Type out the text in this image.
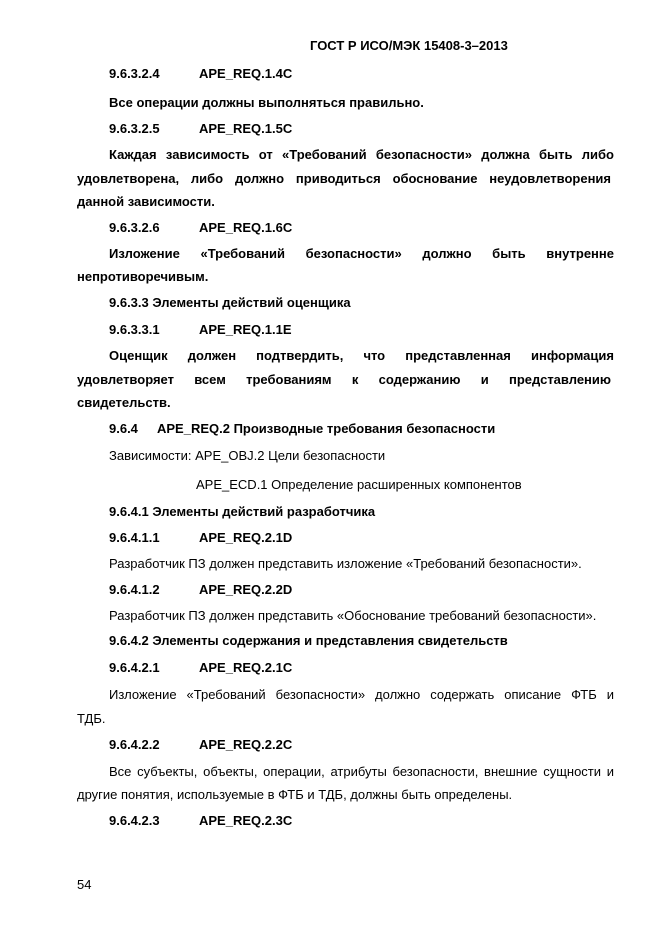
ГОСТ Р ИСО/МЭК 15408-3–2013
9.6.3.2.4	APE_REQ.1.4C
Все операции должны выполняться правильно.
9.6.3.2.5	APE_REQ.1.5C
Каждая зависимость от «Требований безопасности» должна быть либо
удовлетворена, либо должно приводиться обоснование неудовлетворения
данной зависимости.
9.6.3.2.6	APE_REQ.1.6C
Изложение «Требований безопасности» должно быть внутренне
непротиворечивым.
9.6.3.3 Элементы действий оценщика
9.6.3.3.1	APE_REQ.1.1E
Оценщик должен подтвердить, что представленная информация
удовлетворяет всем требованиям к содержанию и представлению
свидетельств.
9.6.4 APE_REQ.2 Производные требования безопасности
Зависимости: APE_OBJ.2 Цели безопасности
APE_ECD.1 Определение расширенных компонентов
9.6.4.1 Элементы действий разработчика
9.6.4.1.1	APE_REQ.2.1D
Разработчик ПЗ должен представить изложение «Требований безопасности».
9.6.4.1.2	APE_REQ.2.2D
Разработчик ПЗ должен представить «Обоснование требований безопасности».
9.6.4.2 Элементы содержания и представления свидетельств
9.6.4.2.1	APE_REQ.2.1C
Изложение «Требований безопасности» должно содержать описание ФТБ и
ТДБ.
9.6.4.2.2	APE_REQ.2.2C
Все субъекты, объекты, операции, атрибуты безопасности, внешние сущности и
другие понятия, используемые в ФТБ и ТДБ, должны быть определены.
9.6.4.2.3	APE_REQ.2.3C
54
